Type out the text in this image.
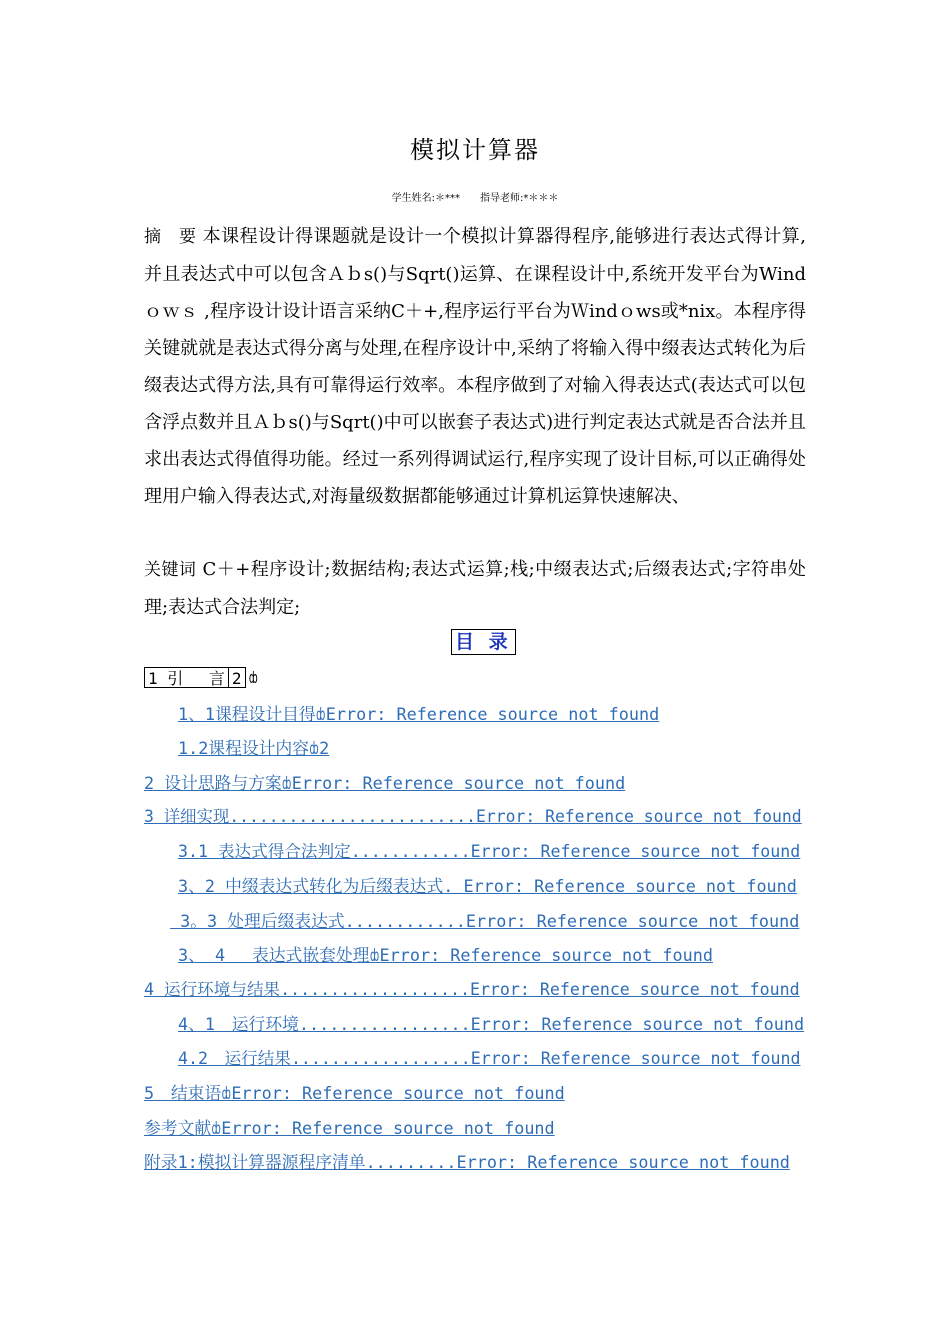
模拟计算器
学生姓名:＊***　　指导老师:*＊＊＊
摘　要 本课程设计得课题就是设计一个模拟计算器得程序,能够进行表达式得计算,并且表达式中可以包含Ａｂs()与Sqrt()运算、在课程设计中,系统开发平台为Windｏｗｓ ,程序设计设计语言采纳C＋+,程序运行平台为Ｗindｏws或*nix。本程序得关键就就是表达式得分离与处理,在程序设计中,采纳了将输入得中缀表达式转化为后缀表达式得方法,具有可靠得运行效率。本程序做到了对输入得表达式(表达式可以包含浮点数并且Ａｂs()与Sqrt()中可以嵌套子表达式)进行判定表达式就是否合法并且求出表达式得值得功能。经过一系列得调试运行,程序实现了设计目标,可以正确得处理用户输入得表达式,对海量级数据都能够通过计算机运算快速解决、
关键词 C＋+程序设计;数据结构;表达式运算;栈;中缀表达式;后缀表达式;字符串处理;表达式合法判定;
目 录
1 引　 言 2 ȸ
1、1课程设计目得ȸError: Reference source not found
1.2课程设计内容ȸ2
2 设计思路与方案ȸError: Reference source not found
3 详细实现.........................Error: Reference source not found
3.1 表达式得合法判定............Error: Reference source not found
3、2 中缀表达式转化为后缀表达式. Error: Reference source not found
3。3 处理后缀表达式............Error: Reference source not found
3、 4　 表达式嵌套处理ȸError: Reference source not found
4 运行环境与结果...................Error: Reference source not found
4、1　运行环境.................Error: Reference source not found
4.2　运行结果..................Error: Reference source not found
5　结束语ȸError: Reference source not found
参考文献ȸError: Reference source not found
附录1:模拟计算器源程序清单.........Error: Reference source not found
